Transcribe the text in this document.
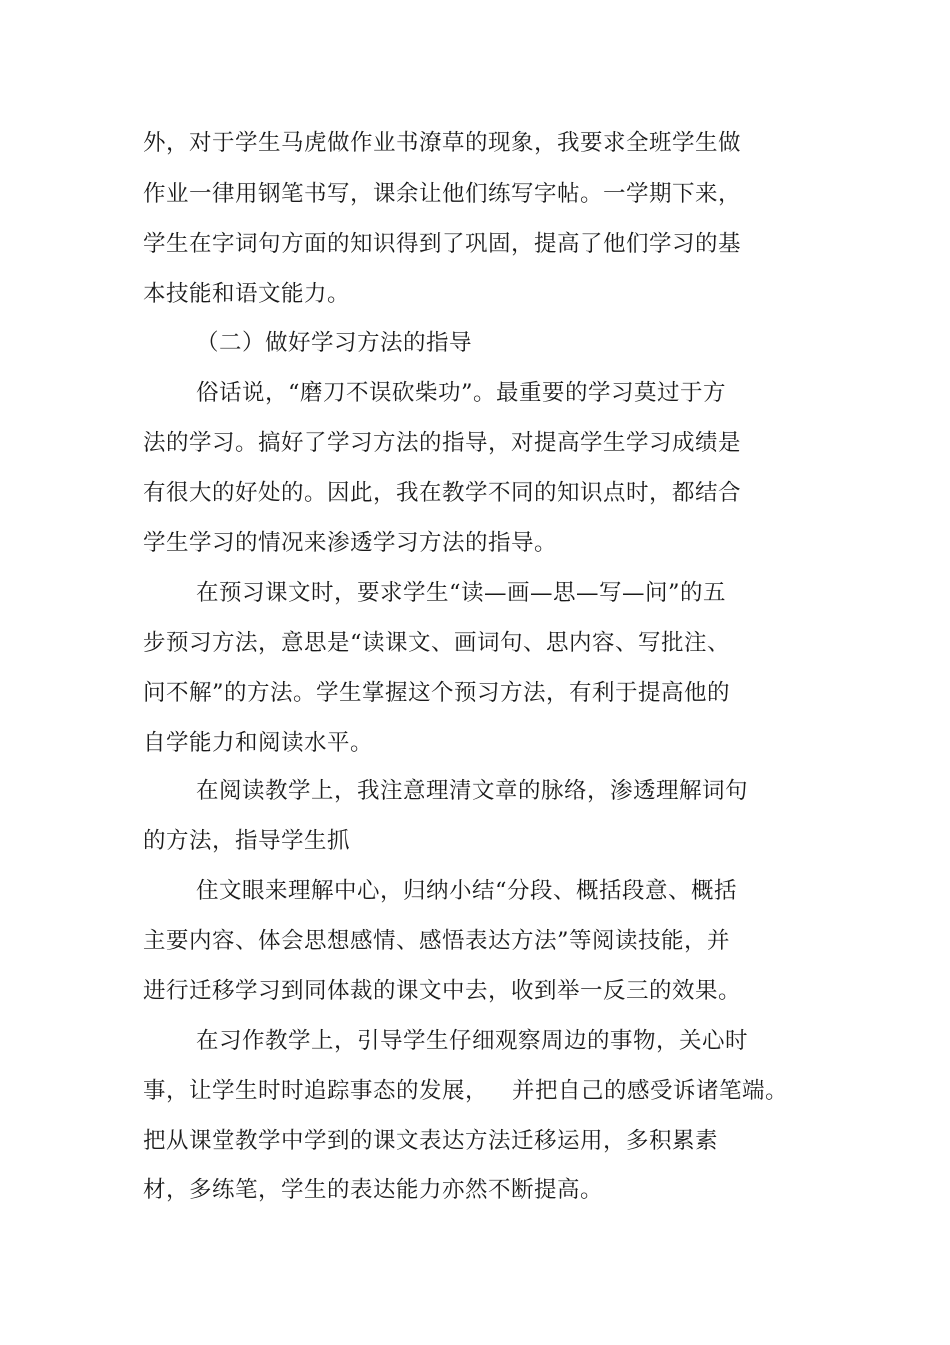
外，对于学生马虎做作业书潦草的现象，我要求全班学生做
作业一律用钢笔书写，课余让他们练写字帖。一学期下来，
学生在字词句方面的知识得到了巩固，提高了他们学习的基
本技能和语文能力。
（二）做好学习方法的指导
俗话说，“磨刀不误砍柴功”。最重要的学习莫过于方
法的学习。搞好了学习方法的指导，对提高学生学习成绩是
有很大的好处的。因此，我在教学不同的知识点时，都结合
学生学习的情况来渗透学习方法的指导。
在预习课文时，要求学生“读—画—思—写—问”的五
步预习方法，意思是“读课文、画词句、思内容、写批注、
问不解”的方法。学生掌握这个预习方法，有利于提高他的
自学能力和阅读水平。
在阅读教学上，我注意理清文章的脉络，渗透理解词句
的方法，指导学生抓
住文眼来理解中心，归纳小结“分段、概括段意、概括
主要内容、体会思想感情、感悟表达方法”等阅读技能，并
进行迁移学习到同体裁的课文中去，收到举一反三的效果。
在习作教学上，引导学生仔细观察周边的事物，关心时
事，让学生时时追踪事态的发展， 并把自己的感受诉诸笔端。
把从课堂教学中学到的课文表达方法迁移运用，多积累素
材，多练笔，学生的表达能力亦然不断提高。
